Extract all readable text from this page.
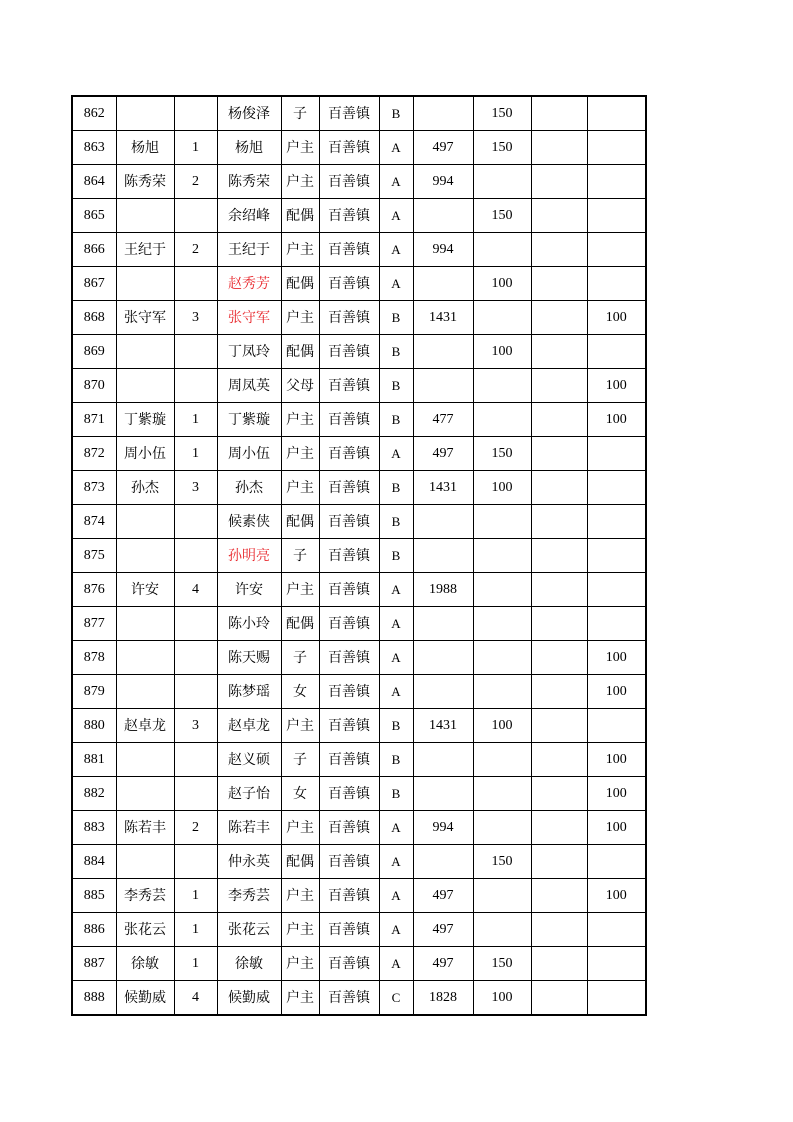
862			杨俊泽	子	百善镇	B		150		
863	杨旭	1	杨旭	户主	百善镇	A	497	150		
864	陈秀荣	2	陈秀荣	户主	百善镇	A	994			
865			余绍峰	配偶	百善镇	A		150		
866	王纪于	2	王纪于	户主	百善镇	A	994			
867			赵秀芳	配偶	百善镇	A		100		
868	张守军	3	张守军	户主	百善镇	B	1431			100
869			丁凤玲	配偶	百善镇	B		100		
870			周凤英	父母	百善镇	B				100
871	丁紫璇	1	丁紫璇	户主	百善镇	B	477			100
872	周小伍	1	周小伍	户主	百善镇	A	497	150		
873	孙杰	3	孙杰	户主	百善镇	B	1431	100		
874			候素侠	配偶	百善镇	B				
875			孙明亮	子	百善镇	B				
876	许安	4	许安	户主	百善镇	A	1988			
877			陈小玲	配偶	百善镇	A				
878			陈天赐	子	百善镇	A				100
879			陈梦瑶	女	百善镇	A				100
880	赵卓龙	3	赵卓龙	户主	百善镇	B	1431	100		
881			赵义硕	子	百善镇	B				100
882			赵子怡	女	百善镇	B				100
883	陈若丰	2	陈若丰	户主	百善镇	A	994			100
884			仲永英	配偶	百善镇	A		150		
885	李秀芸	1	李秀芸	户主	百善镇	A	497			100
886	张花云	1	张花云	户主	百善镇	A	497			
887	徐敏	1	徐敏	户主	百善镇	A	497	150		
888	候勤威	4	候勤威	户主	百善镇	C	1828	100		
